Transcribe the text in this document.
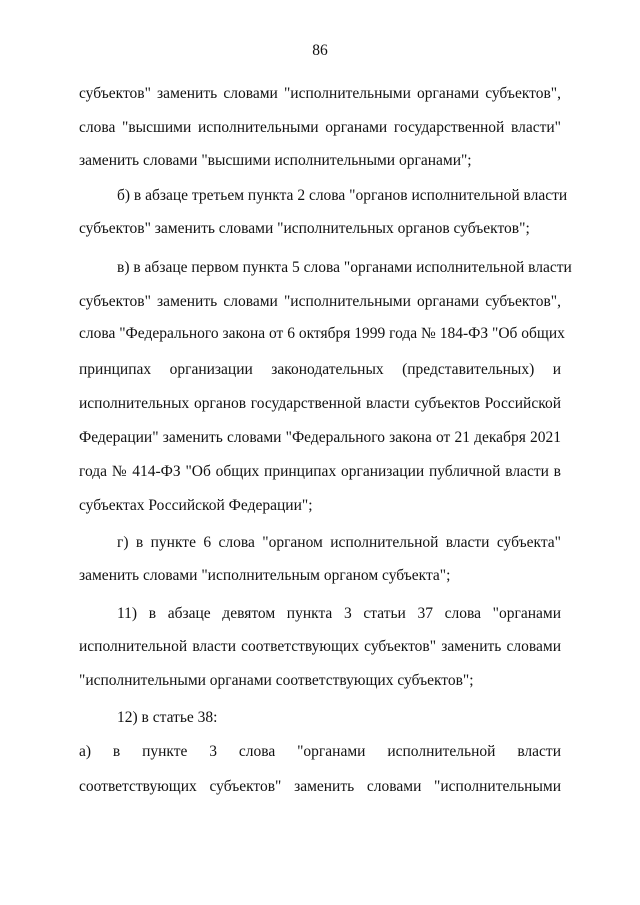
86
субъектов" заменить словами "исполнительными органами субъектов",
слова "высшими исполнительными органами государственной власти"
заменить словами "высшими исполнительными органами";
б) в абзаце третьем пункта 2 слова "органов исполнительной власти
субъектов" заменить словами "исполнительных органов субъектов";
в) в абзаце первом пункта 5 слова "органами исполнительной власти
субъектов" заменить словами "исполнительными органами субъектов",
слова "Федерального закона от 6 октября 1999 года № 184-ФЗ "Об общих
принципах организации законодательных (представительных) и
исполнительных органов государственной власти субъектов Российской
Федерации" заменить словами "Федерального закона от 21 декабря 2021
года № 414-ФЗ "Об общих принципах организации публичной власти в
субъектах Российской Федерации";
г) в пункте 6 слова "органом исполнительной власти субъекта"
заменить словами "исполнительным органом субъекта";
11) в абзаце девятом пункта 3 статьи 37 слова "органами
исполнительной власти соответствующих субъектов" заменить словами
"исполнительными органами соответствующих субъектов";
12) в статье 38:
а) в пункте 3 слова "органами исполнительной власти
соответствующих субъектов" заменить словами "исполнительными
